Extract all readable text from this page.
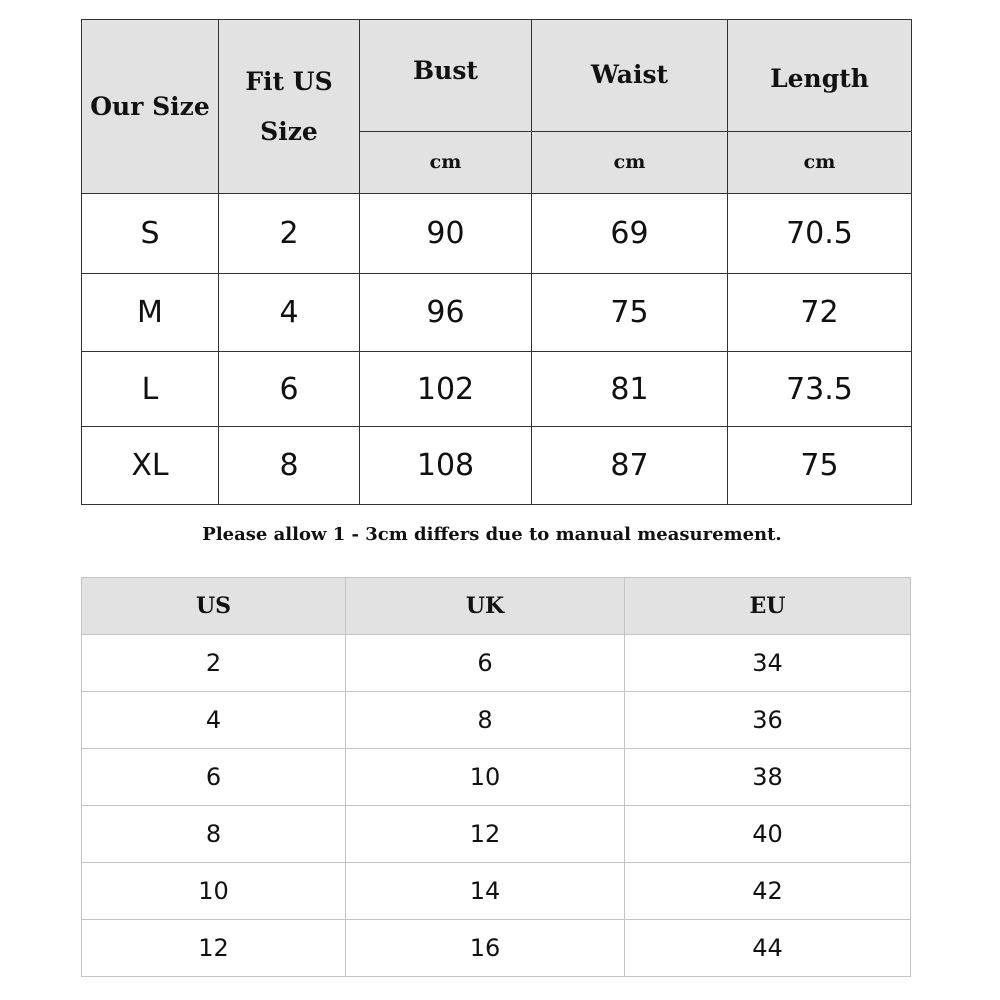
Our Size	Fit US Size	Bust	Waist	Length
		cm	cm	cm
S	2	90	69	70.5
M	4	96	75	72
L	6	102	81	73.5
XL	8	108	87	75
Please allow 1 - 3cm differs due to manual measurement.
US	UK	EU
2	6	34
4	8	36
6	10	38
8	12	40
10	14	42
12	16	44
